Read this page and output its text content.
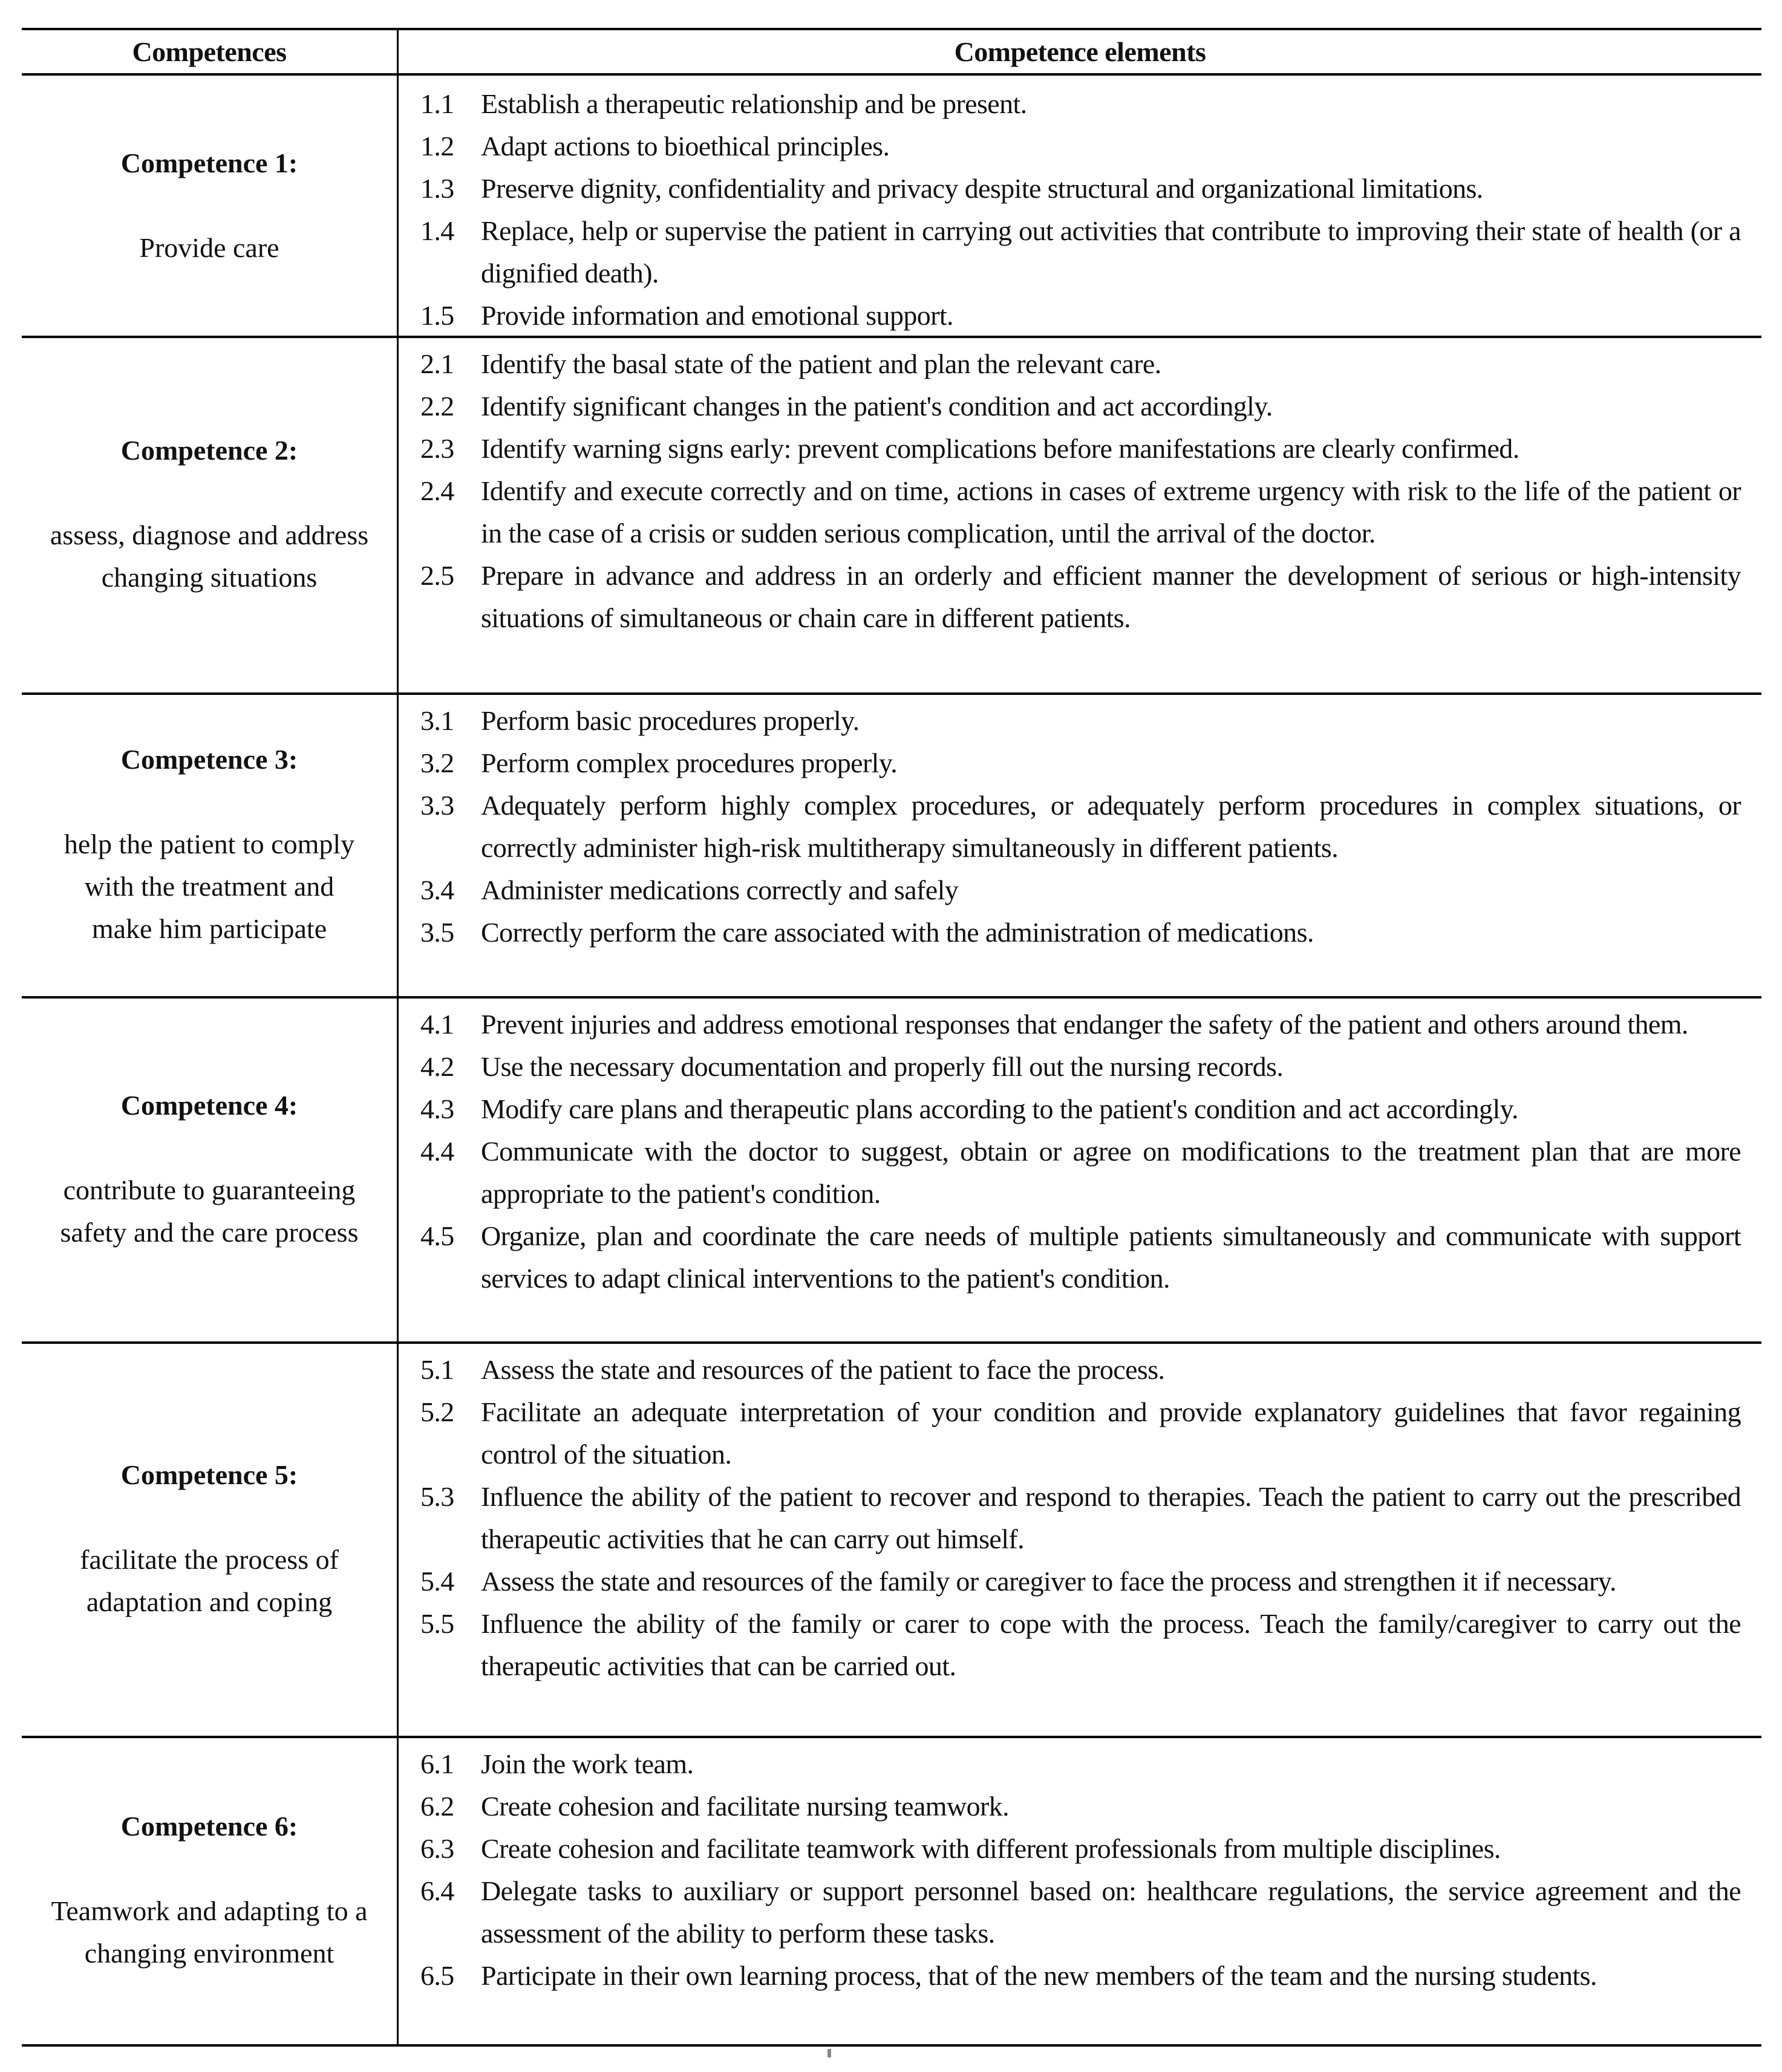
Competences	Competence elements
Competence 1:
Provide care
1.1 Establish a therapeutic relationship and be present.
1.2 Adapt actions to bioethical principles.
1.3 Preserve dignity, confidentiality and privacy despite structural and organizational limitations.
1.4 Replace, help or supervise the patient in carrying out activities that contribute to improving their state of health (or a dignified death).
1.5 Provide information and emotional support.
Competence 2:
assess, diagnose and address changing situations
2.1 Identify the basal state of the patient and plan the relevant care.
2.2 Identify significant changes in the patient's condition and act accordingly.
2.3 Identify warning signs early: prevent complications before manifestations are clearly confirmed.
2.4 Identify and execute correctly and on time, actions in cases of extreme urgency with risk to the life of the patient or in the case of a crisis or sudden serious complication, until the arrival of the doctor.
2.5 Prepare in advance and address in an orderly and efficient manner the development of serious or high-intensity situations of simultaneous or chain care in different patients.
Competence 3:
help the patient to comply with the treatment and make him participate
3.1 Perform basic procedures properly.
3.2 Perform complex procedures properly.
3.3 Adequately perform highly complex procedures, or adequately perform procedures in complex situations, or correctly administer high-risk multitherapy simultaneously in different patients.
3.4 Administer medications correctly and safely
3.5 Correctly perform the care associated with the administration of medications.
Competence 4:
contribute to guaranteeing safety and the care process
4.1 Prevent injuries and address emotional responses that endanger the safety of the patient and others around them.
4.2 Use the necessary documentation and properly fill out the nursing records.
4.3 Modify care plans and therapeutic plans according to the patient's condition and act accordingly.
4.4 Communicate with the doctor to suggest, obtain or agree on modifications to the treatment plan that are more appropriate to the patient's condition.
4.5 Organize, plan and coordinate the care needs of multiple patients simultaneously and communicate with support services to adapt clinical interventions to the patient's condition.
Competence 5:
facilitate the process of adaptation and coping
5.1 Assess the state and resources of the patient to face the process.
5.2 Facilitate an adequate interpretation of your condition and provide explanatory guidelines that favor regaining control of the situation.
5.3 Influence the ability of the patient to recover and respond to therapies. Teach the patient to carry out the prescribed therapeutic activities that he can carry out himself.
5.4 Assess the state and resources of the family or caregiver to face the process and strengthen it if necessary.
5.5 Influence the ability of the family or carer to cope with the process. Teach the family/caregiver to carry out the therapeutic activities that can be carried out.
Competence 6:
Teamwork and adapting to a changing environment
6.1 Join the work team.
6.2 Create cohesion and facilitate nursing teamwork.
6.3 Create cohesion and facilitate teamwork with different professionals from multiple disciplines.
6.4 Delegate tasks to auxiliary or support personnel based on: healthcare regulations, the service agreement and the assessment of the ability to perform these tasks.
6.5 Participate in their own learning process, that of the new members of the team and the nursing students.
